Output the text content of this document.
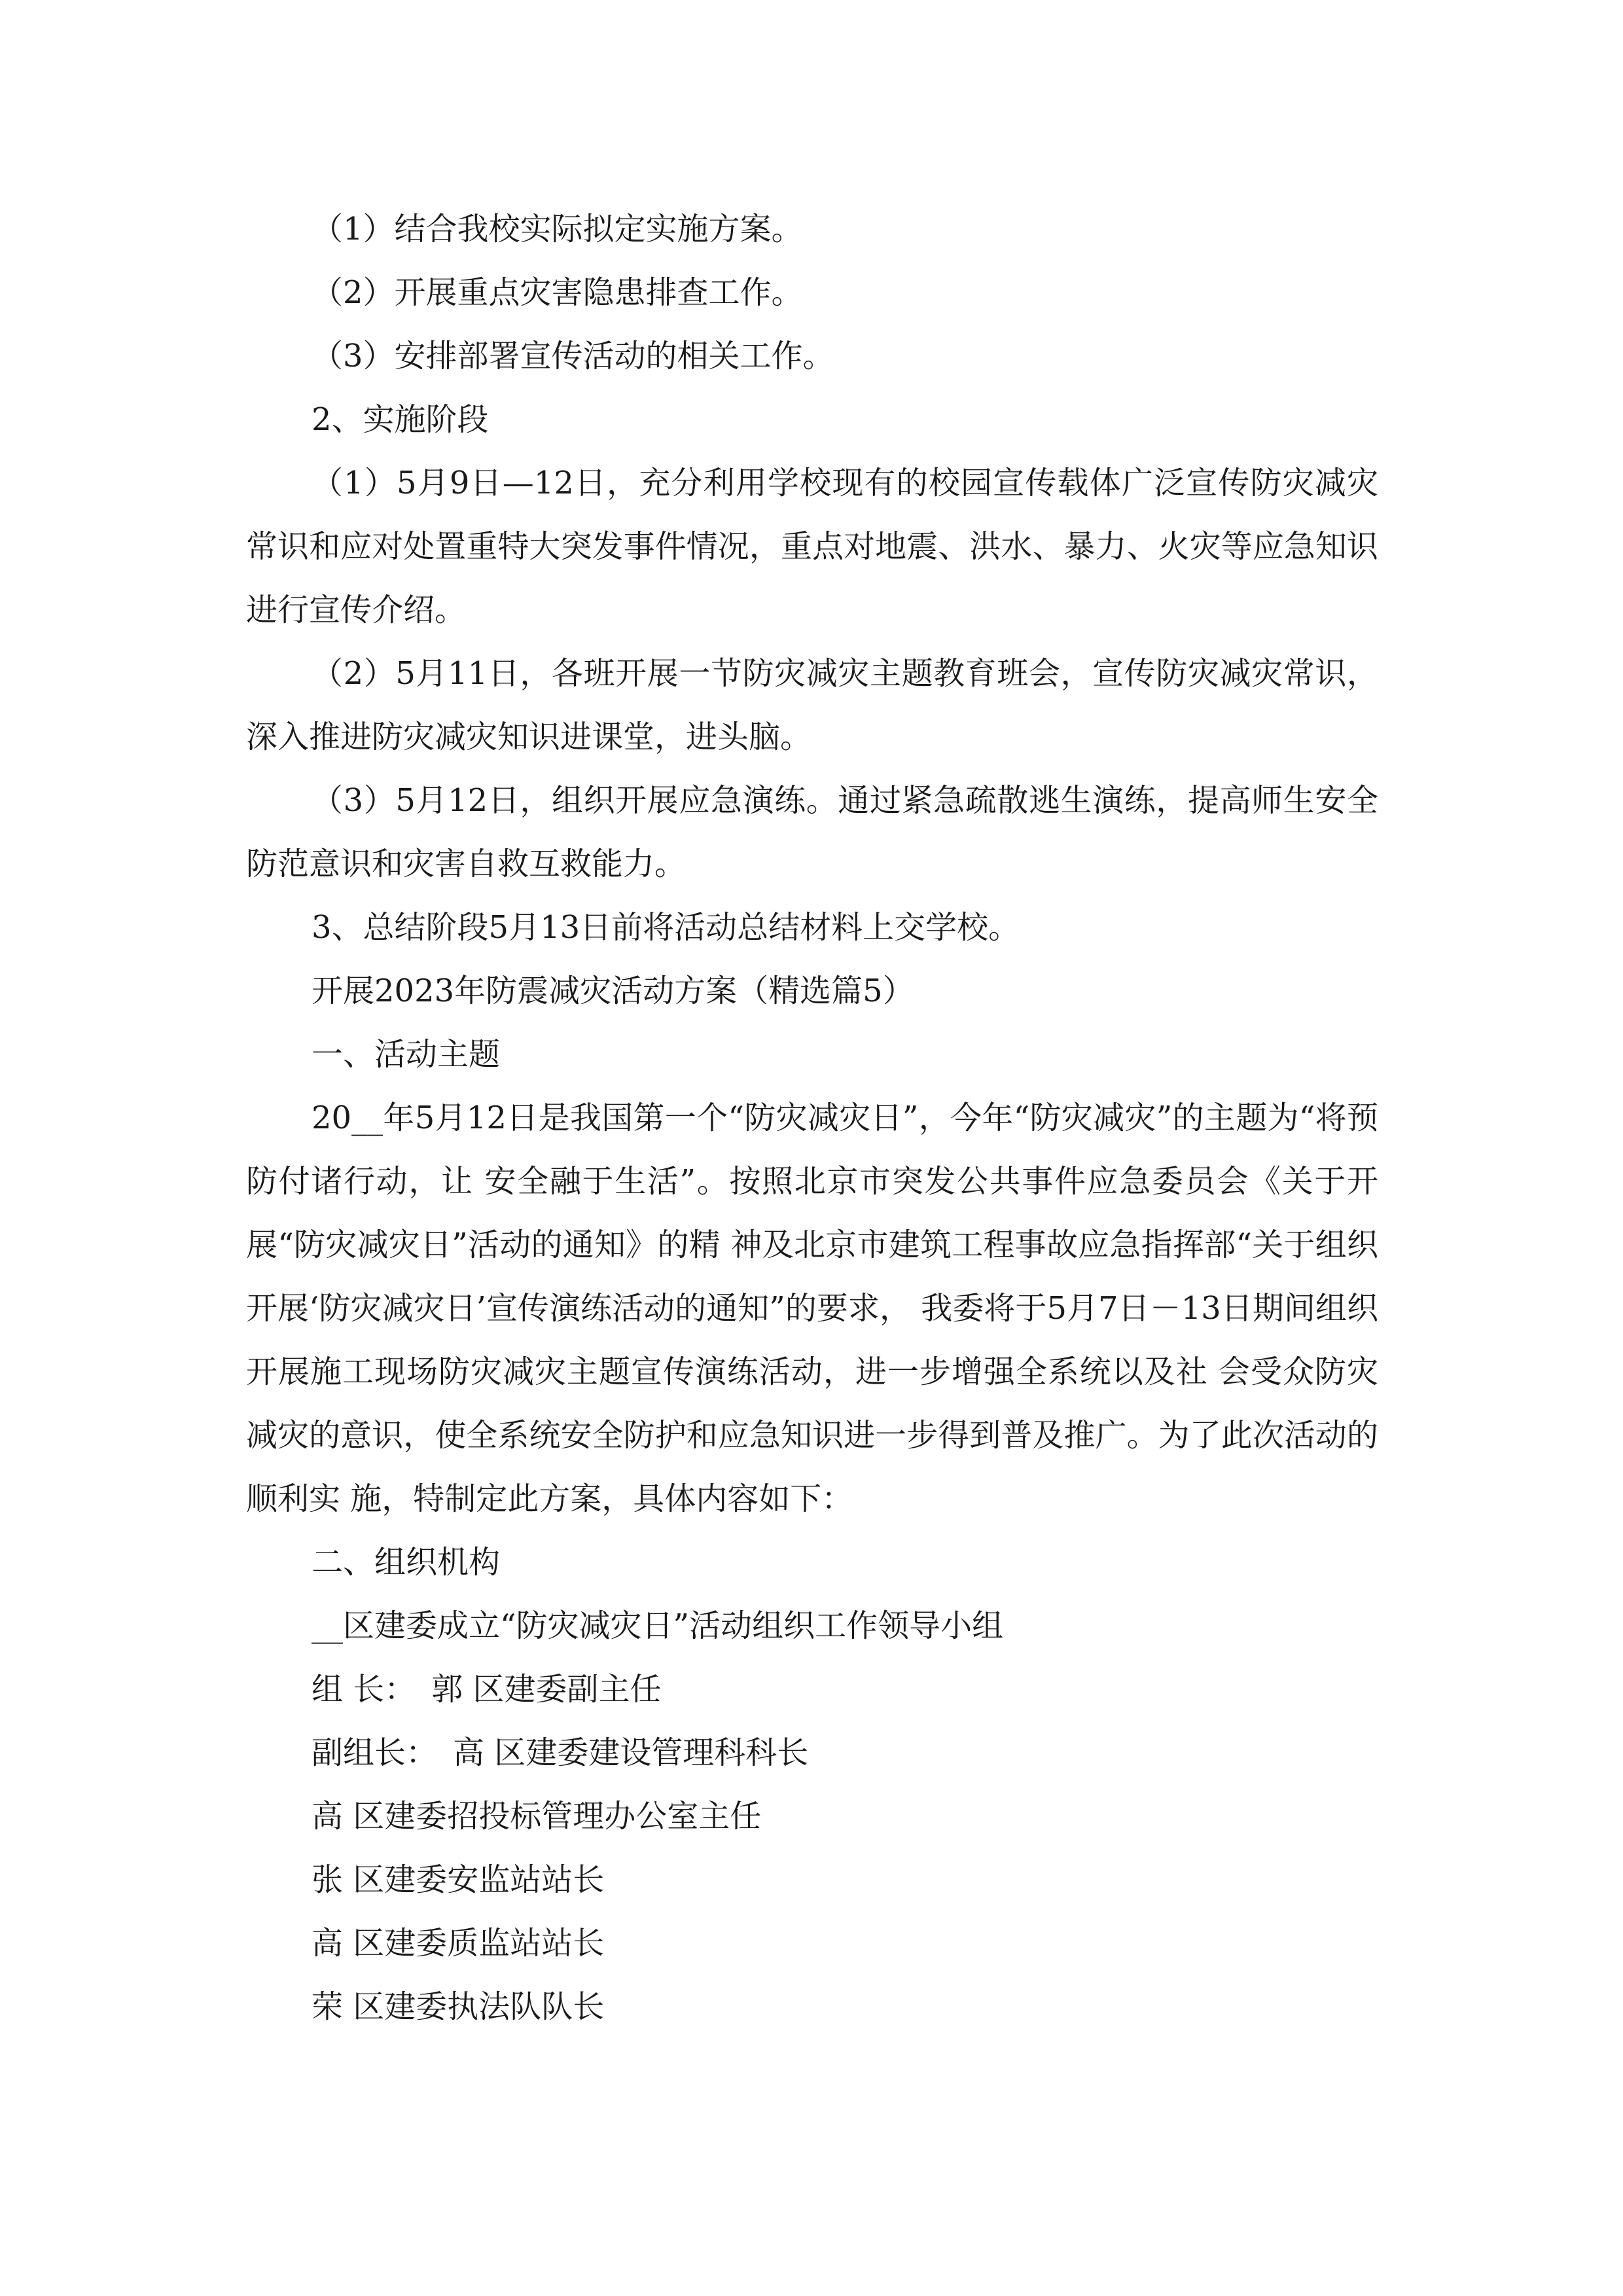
（1）结合我校实际拟定实施方案。

（2）开展重点灾害隐患排查工作。

（3）安排部署宣传活动的相关工作。

2、实施阶段

（1）5月9日—12日，充分利用学校现有的校园宣传载体广泛宣传防灾减灾常识和应对处置重特大突发事件情况，重点对地震、洪水、暴力、火灾等应急知识进行宣传介绍。

（2）5月11日，各班开展一节防灾减灾主题教育班会，宣传防灾减灾常识，深入推进防灾减灾知识进课堂，进头脑。

（3）5月12日，组织开展应急演练。通过紧急疏散逃生演练，提高师生安全防范意识和灾害自救互救能力。

3、总结阶段5月13日前将活动总结材料上交学校。

开展2023年防震减灾活动方案（精选篇5）

一、活动主题

20__年5月12日是我国第一个“防灾减灾日”，今年“防灾减灾”的主题为“将预防付诸行动，让 安全融于生活”。按照北京市突发公共事件应急委员会《关于开展“防灾减灾日”活动的通知》的精 神及北京市建筑工程事故应急指挥部“关于组织开展‘防灾减灾日’宣传演练活动的通知”的要求， 我委将于5月7日－13日期间组织开展施工现场防灾减灾主题宣传演练活动，进一步增强全系统以及社 会受众防灾减灾的意识，使全系统安全防护和应急知识进一步得到普及推广。为了此次活动的顺利实 施，特制定此方案，具体内容如下：

二、组织机构

__区建委成立“防灾减灾日”活动组织工作领导小组

组 长：　郭 区建委副主任

副组长：　高 区建委建设管理科科长

高 区建委招投标管理办公室主任

张 区建委安监站站长

高 区建委质监站站长

荣 区建委执法队队长
